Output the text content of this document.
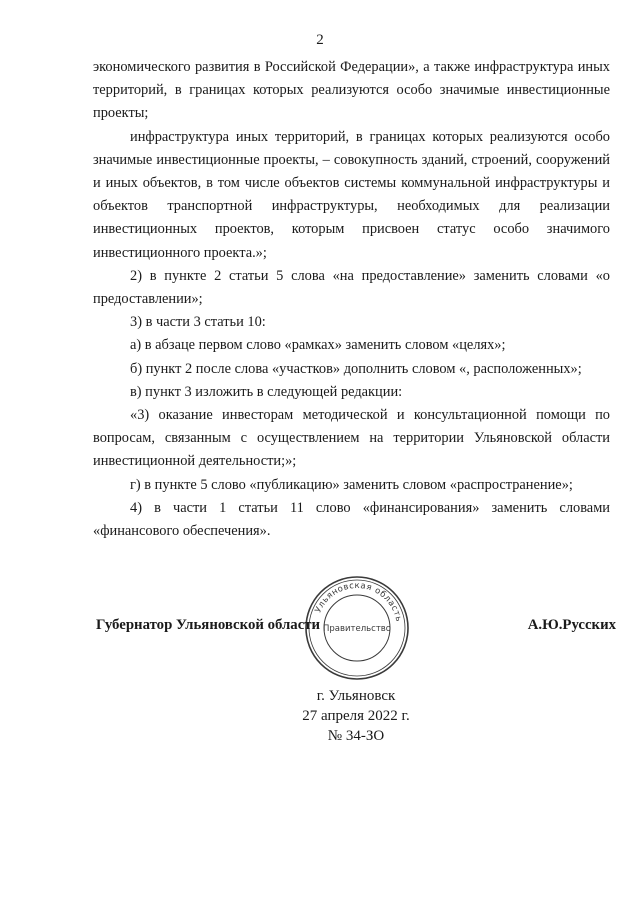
2

экономического развития в Российской Федерации», а также инфраструктура иных территорий, в границах которых реализуются особо значимые инвестиционные проекты;

инфраструктура иных территорий, в границах которых реализуются особо значимые инвестиционные проекты, – совокупность зданий, строений, сооружений и иных объектов, в том числе объектов системы коммунальной инфраструктуры и объектов транспортной инфраструктуры, необходимых для реализации инвестиционных проектов, которым присвоен статус особо значимого инвестиционного проекта.»;

2) в пункте 2 статьи 5 слова «на предоставление» заменить словами «о предоставлении»;

3) в части 3 статьи 10:

а) в абзаце первом слово «рамках» заменить словом «целях»;

б) пункт 2 после слова «участков» дополнить словом «, расположенных»;

в) пункт 3 изложить в следующей редакции:

«3) оказание инвесторам методической и консультационной помощи по вопросам, связанным с осуществлением на территории Ульяновской области инвестиционной деятельности;»;

г) в пункте 5 слово «публикацию» заменить словом «распространение»;

4) в части 1 статьи 11 слово «финансирования» заменить словами «финансового обеспечения».

Ульяновская область
Правительство
Губернатор Ульяновской области	А.Ю.Русских
г. Ульяновск
27 апреля 2022 г.
№ 34-ЗО
